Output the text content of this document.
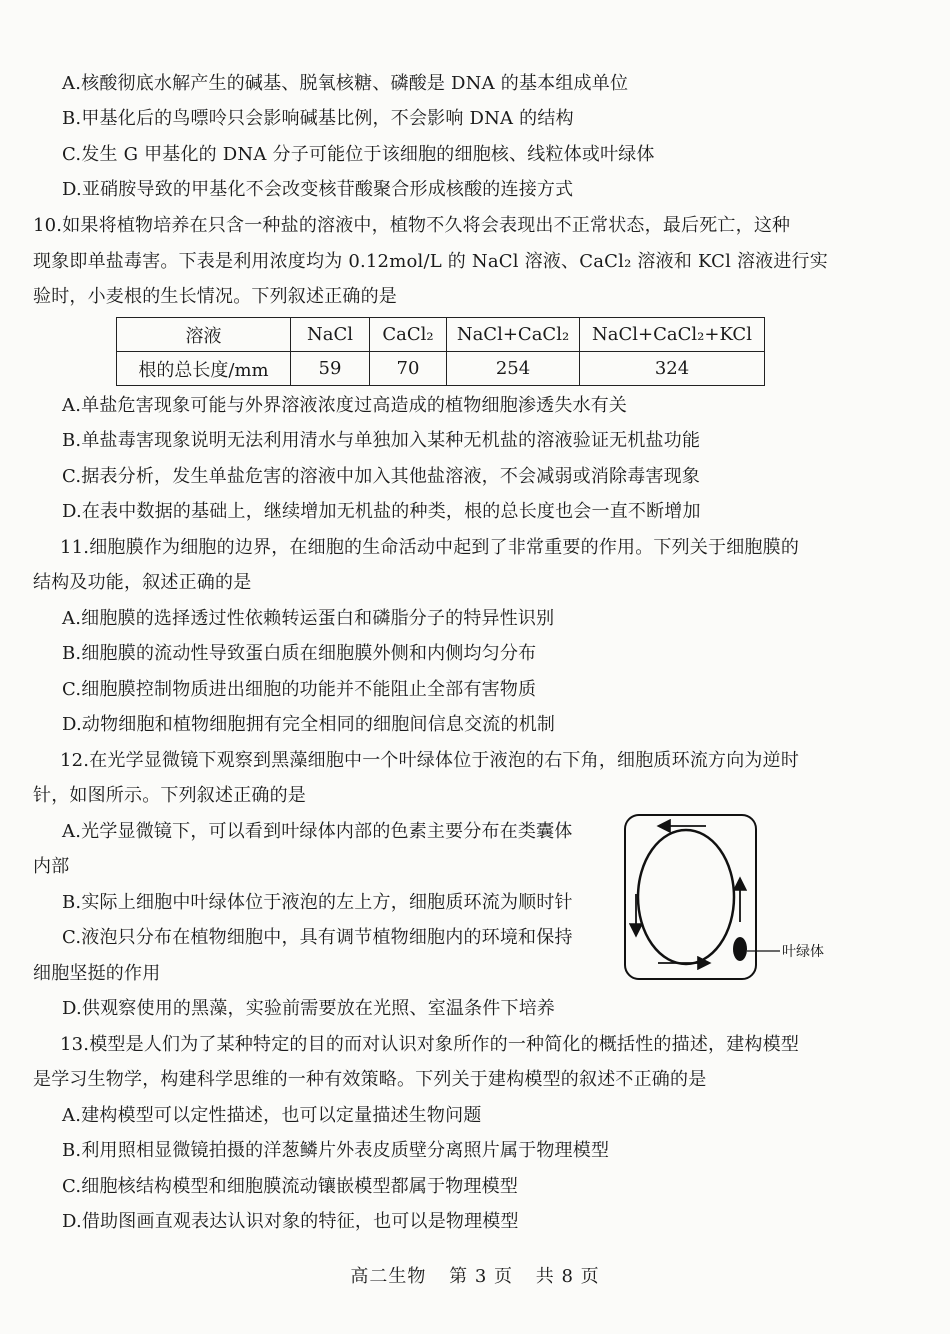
A.核酸彻底水解产生的碱基、脱氧核糖、磷酸是 DNA 的基本组成单位
B.甲基化后的鸟嘌呤只会影响碱基比例，不会影响 DNA 的结构
C.发生 G 甲基化的 DNA 分子可能位于该细胞的细胞核、线粒体或叶绿体
D.亚硝胺导致的甲基化不会改变核苷酸聚合形成核酸的连接方式
10.如果将植物培养在只含一种盐的溶液中，植物不久将会表现出不正常状态，最后死亡，这种
现象即单盐毒害。下表是利用浓度均为 0.12mol/L 的 NaCl 溶液、CaCl₂ 溶液和 KCl 溶液进行实
验时，小麦根的生长情况。下列叙述正确的是
溶液	NaCl	CaCl₂	NaCl+CaCl₂	NaCl+CaCl₂+KCl
根的总长度/mm	59	70	254	324
A.单盐危害现象可能与外界溶液浓度过高造成的植物细胞渗透失水有关
B.单盐毒害现象说明无法利用清水与单独加入某种无机盐的溶液验证无机盐功能
C.据表分析，发生单盐危害的溶液中加入其他盐溶液，不会减弱或消除毒害现象
D.在表中数据的基础上，继续增加无机盐的种类，根的总长度也会一直不断增加
11.细胞膜作为细胞的边界，在细胞的生命活动中起到了非常重要的作用。下列关于细胞膜的
结构及功能，叙述正确的是
A.细胞膜的选择透过性依赖转运蛋白和磷脂分子的特异性识别
B.细胞膜的流动性导致蛋白质在细胞膜外侧和内侧均匀分布
C.细胞膜控制物质进出细胞的功能并不能阻止全部有害物质
D.动物细胞和植物细胞拥有完全相同的细胞间信息交流的机制
12.在光学显微镜下观察到黑藻细胞中一个叶绿体位于液泡的右下角，细胞质环流方向为逆时
针，如图所示。下列叙述正确的是
A.光学显微镜下，可以看到叶绿体内部的色素主要分布在类囊体
内部
B.实际上细胞中叶绿体位于液泡的左上方，细胞质环流为顺时针
C.液泡只分布在植物细胞中，具有调节植物细胞内的环境和保持
细胞坚挺的作用
D.供观察使用的黑藻，实验前需要放在光照、室温条件下培养
叶绿体
13.模型是人们为了某种特定的目的而对认识对象所作的一种简化的概括性的描述，建构模型
是学习生物学，构建科学思维的一种有效策略。下列关于建构模型的叙述不正确的是
A.建构模型可以定性描述，也可以定量描述生物问题
B.利用照相显微镜拍摄的洋葱鳞片外表皮质壁分离照片属于物理模型
C.细胞核结构模型和细胞膜流动镶嵌模型都属于物理模型
D.借助图画直观表达认识对象的特征，也可以是物理模型
高二生物 第 3 页 共 8 页
